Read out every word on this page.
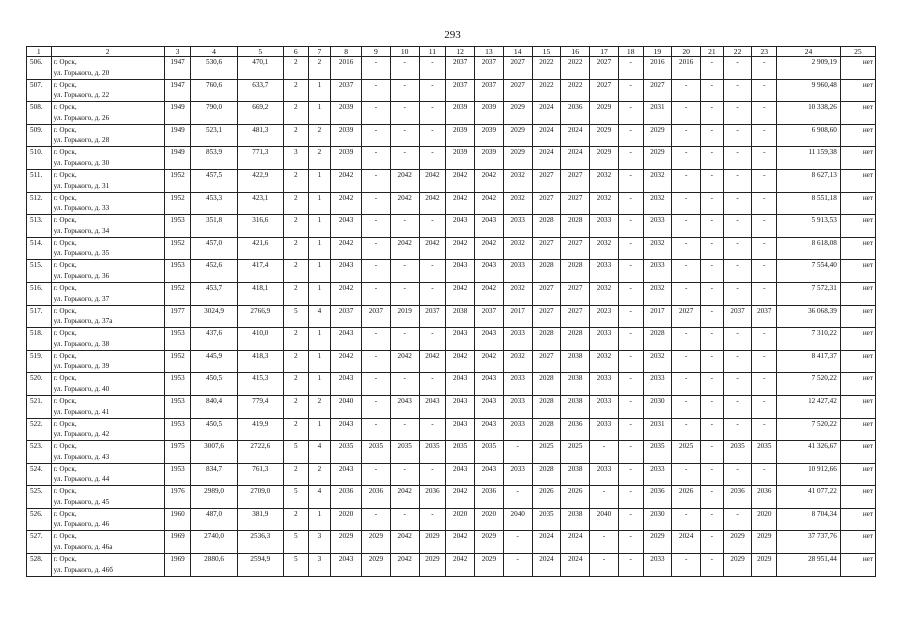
293
1	2	3	4	5	6	7	8	9	10	11	12	13	14	15	16	17	18	19	20	21	22	23	24	25
506.	г. Орск,
ул. Горького, д. 20	1947	530,6	470,1	2	2	2016	-	-	-	2037	2037	2027	2022	2022	2027	-	2016	2016	-	-	-	2 909,19	нет
507.	г. Орск,
ул. Горького, д. 22	1947	760,6	633,7	2	1	2037	-	-	-	2037	2037	2027	2022	2022	2027	-	2027	-	-	-	-	9 960,48	нет
508.	г. Орск,
ул. Горького, д. 26	1949	790,0	669,2	2	1	2039	-	-	-	2039	2039	2029	2024	2036	2029	-	2031	-	-	-	-	10 338,26	нет
509.	г. Орск,
ул. Горького, д. 28	1949	523,1	481,3	2	2	2039	-	-	-	2039	2039	2029	2024	2024	2029	-	2029	-	-	-	-	6 908,60	нет
510.	г. Орск,
ул. Горького, д. 30	1949	853,9	771,3	3	2	2039	-	-	-	2039	2039	2029	2024	2024	2029	-	2029	-	-	-	-	11 159,38	нет
511.	г. Орск,
ул. Горького, д. 31	1952	457,5	422,9	2	1	2042	-	2042	2042	2042	2042	2032	2027	2027	2032	-	2032	-	-	-	-	8 627,13	нет
512.	г. Орск,
ул. Горького, д. 33	1952	453,3	423,1	2	1	2042	-	2042	2042	2042	2042	2032	2027	2027	2032	-	2032	-	-	-	-	8 551,18	нет
513.	г. Орск,
ул. Горького, д. 34	1953	351,8	316,6	2	1	2043	-	-	-	2043	2043	2033	2028	2028	2033	-	2033	-	-	-	-	5 913,53	нет
514.	г. Орск,
ул. Горького, д. 35	1952	457,0	421,6	2	1	2042	-	2042	2042	2042	2042	2032	2027	2027	2032	-	2032	-	-	-	-	8 618,08	нет
515.	г. Орск,
ул. Горького, д. 36	1953	452,6	417,4	2	1	2043	-	-	-	2043	2043	2033	2028	2028	2033	-	2033	-	-	-	-	7 554,40	нет
516.	г. Орск,
ул. Горького, д. 37	1952	453,7	418,1	2	1	2042	-	-	-	2042	2042	2032	2027	2027	2032	-	2032	-	-	-	-	7 572,31	нет
517.	г. Орск,
ул. Горького, д. 37а	1977	3024,9	2766,9	5	4	2037	2037	2019	2037	2038	2037	2017	2027	2027	2023	-	2017	2027	-	2037	2037	36 068,39	нет
518.	г. Орск,
ул. Горького, д. 38	1953	437,6	410,0	2	1	2043	-	-	-	2043	2043	2033	2028	2028	2033	-	2028	-	-	-	-	7 310,22	нет
519.	г. Орск,
ул. Горького, д. 39	1952	445,9	418,3	2	1	2042	-	2042	2042	2042	2042	2032	2027	2038	2032	-	2032	-	-	-	-	8 417,37	нет
520.	г. Орск,
ул. Горького, д. 40	1953	450,5	415,3	2	1	2043	-	-	-	2043	2043	2033	2028	2038	2033	-	2033	-	-	-	-	7 520,22	нет
521.	г. Орск,
ул. Горького, д. 41	1953	840,4	779,4	2	2	2040	-	2043	2043	2043	2043	2033	2028	2038	2033	-	2030	-	-	-	-	12 427,42	нет
522.	г. Орск,
ул. Горького, д. 42	1953	450,5	419,9	2	1	2043	-	-	-	2043	2043	2033	2028	2036	2033	-	2031	-	-	-	-	7 520,22	нет
523.	г. Орск,
ул. Горького, д. 43	1975	3007,6	2722,6	5	4	2035	2035	2035	2035	2035	2035	-	2025	2025	-	-	2035	2025	-	2035	2035	41 326,67	нет
524.	г. Орск,
ул. Горького, д. 44	1953	834,7	761,3	2	2	2043	-	-	-	2043	2043	2033	2028	2038	2033	-	2033	-	-	-	-	10 912,66	нет
525.	г. Орск,
ул. Горького, д. 45	1976	2989,0	2709,0	5	4	2036	2036	2042	2036	2042	2036	-	2026	2026	-	-	2036	2026	-	2036	2036	41 077,22	нет
526.	г. Орск,
ул. Горького, д. 46	1960	487,0	381,9	2	1	2020	-	-	-	2020	2020	2040	2035	2038	2040	-	2030	-	-	-	2020	8 704,34	нет
527.	г. Орск,
ул. Горького, д. 46а	1969	2740,0	2536,3	5	3	2029	2029	2042	2029	2042	2029	-	2024	2024	-	-	2029	2024	-	2029	2029	37 737,76	нет
528.	г. Орск,
ул. Горького, д. 46б	1969	2880,6	2594,9	5	3	2043	2029	2042	2029	2042	2029	-	2024	2024	-	-	2033	-	-	2029	2029	28 951,44	нет
